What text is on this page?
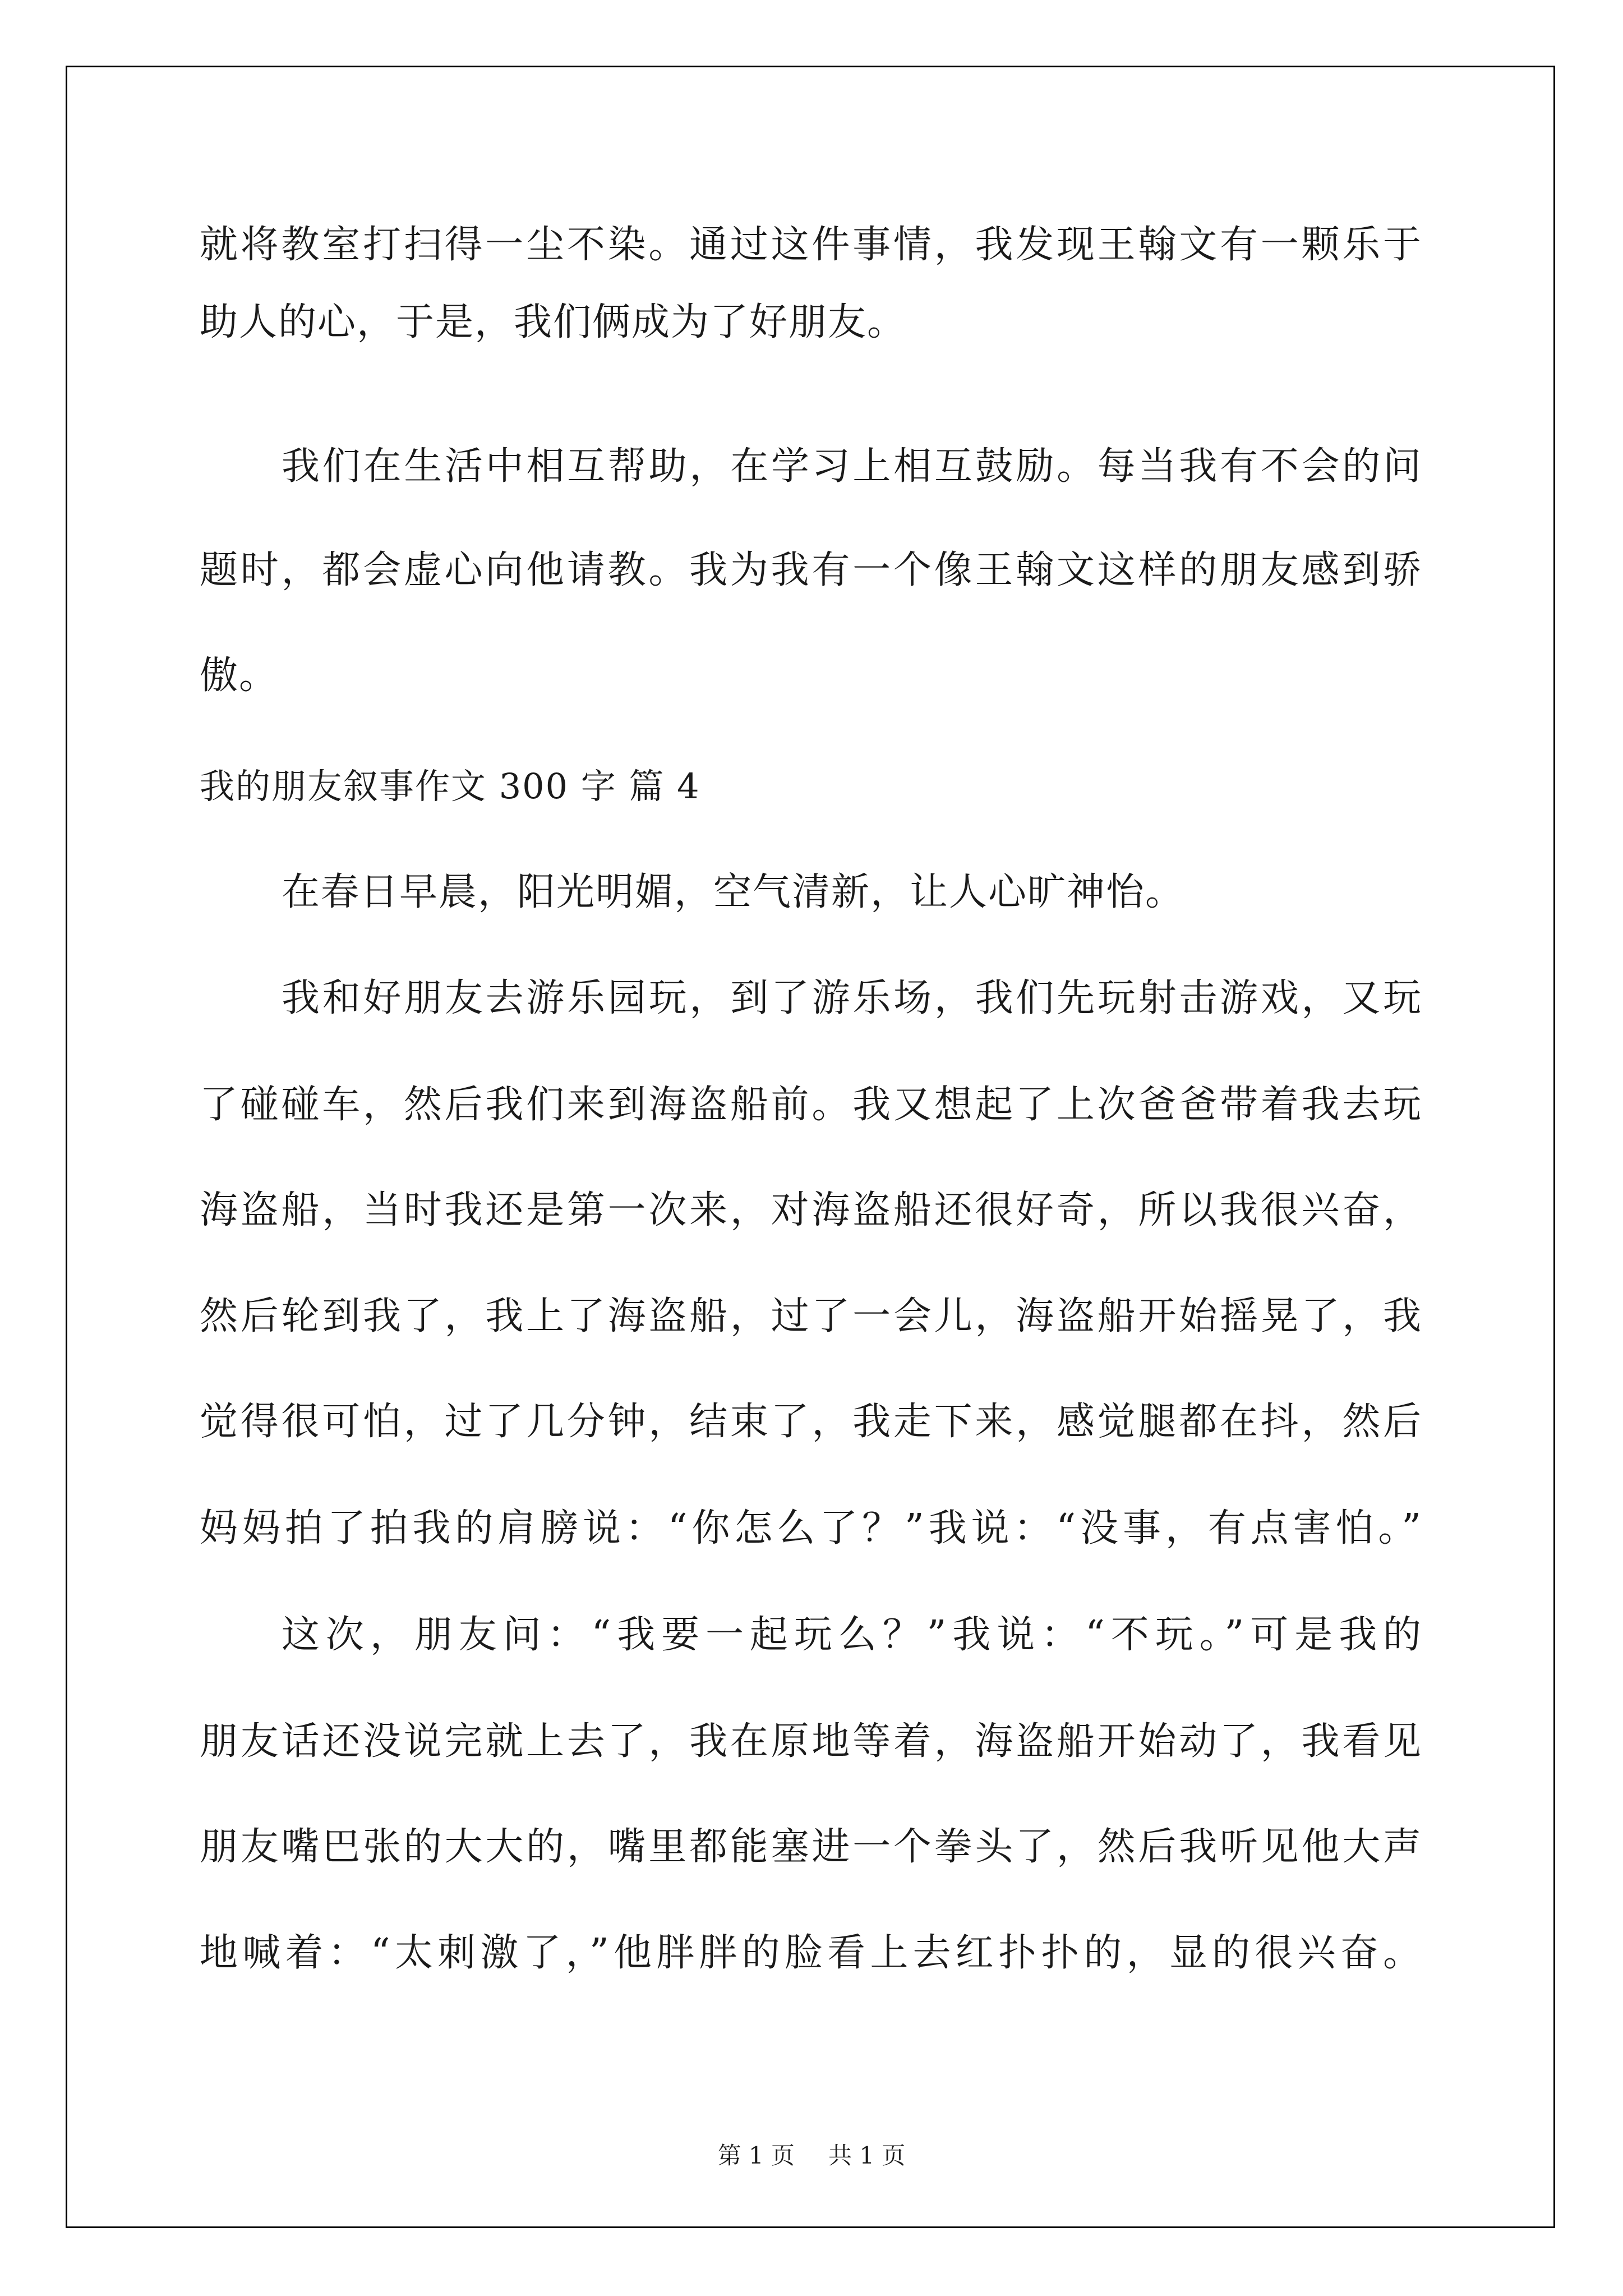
就将教室打扫得一尘不染。通过这件事情，我发现王翰文有一颗乐于
助人的心，于是，我们俩成为了好朋友。
我们在生活中相互帮助，在学习上相互鼓励。每当我有不会的问
题时，都会虚心向他请教。我为我有一个像王翰文这样的朋友感到骄
傲。
我的朋友叙事作文 300 字 篇 4
在春日早晨，阳光明媚，空气清新，让人心旷神怡。
我和好朋友去游乐园玩，到了游乐场，我们先玩射击游戏，又玩
了碰碰车，然后我们来到海盗船前。我又想起了上次爸爸带着我去玩
海盗船，当时我还是第一次来，对海盗船还很好奇，所以我很兴奋，
然后轮到我了，我上了海盗船，过了一会儿，海盗船开始摇晃了，我
觉得很可怕，过了几分钟，结束了，我走下来，感觉腿都在抖，然后
妈妈拍了拍我的肩膀说：“你怎么了？”我说：“没事，有点害怕。”
这次，朋友问：“我要一起玩么？”我说：“不玩。”可是我的
朋友话还没说完就上去了，我在原地等着，海盗船开始动了，我看见
朋友嘴巴张的大大的，嘴里都能塞进一个拳头了，然后我听见他大声
地喊着：“太刺激了，”他胖胖的脸看上去红扑扑的，显的很兴奋。
第 1 页 共 1 页
